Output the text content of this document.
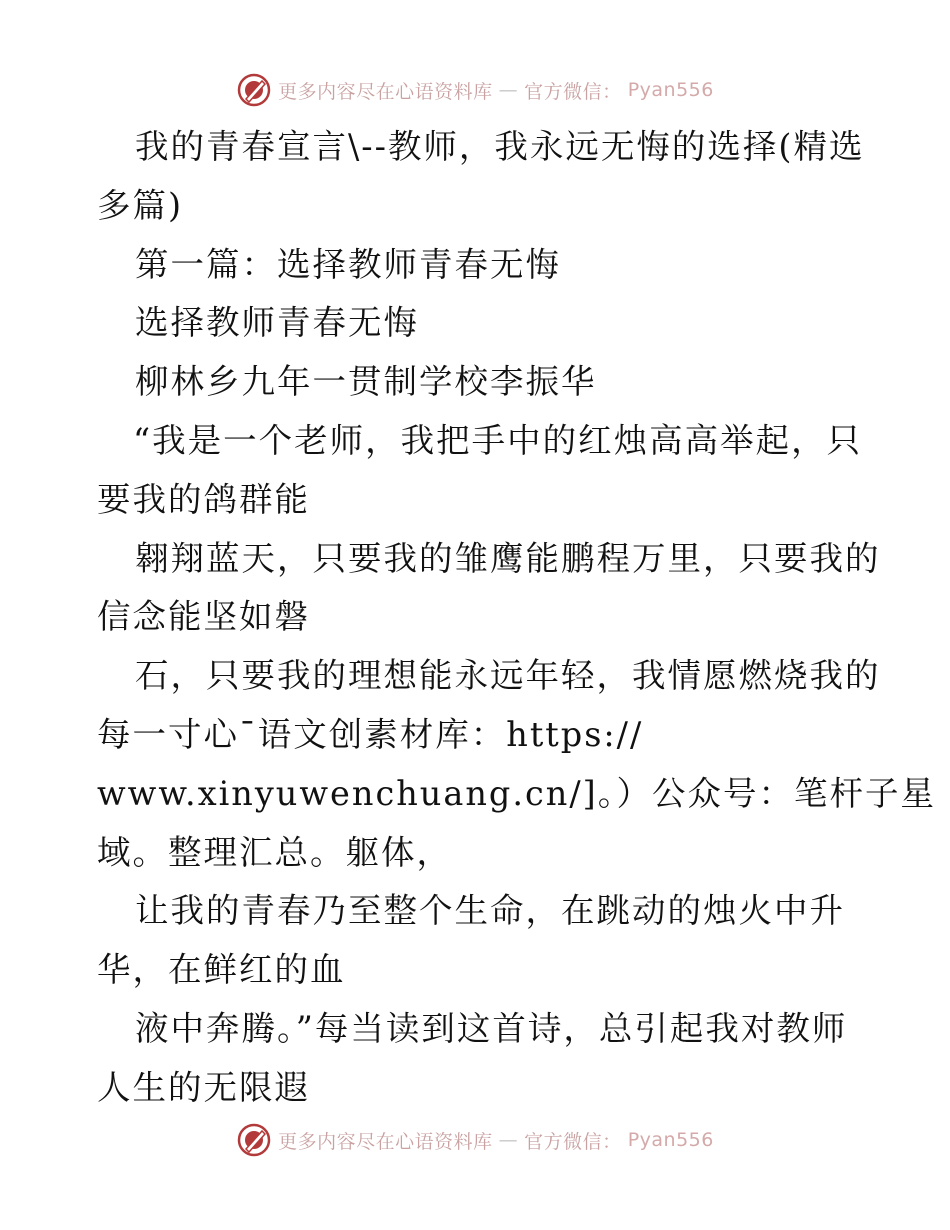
更多内容尽在心语资料库 — 官方微信： Pyan556
我的青春宣言\--教师，我永远无悔的选择(精选
多篇)
第一篇：选择教师青春无悔
选择教师青春无悔
柳林乡九年一贯制学校李振华
“我是一个老师，我把手中的红烛高高举起，只
要我的鸽群能
翱翔蓝天，只要我的雏鹰能鹏程万里，只要我的
信念能坚如磐
石，只要我的理想能永远年轻，我情愿燃烧我的
每一寸心¯语文创素材库：https://
www.xinyuwenchuang.cn/]。）公众号：笔杆子星
域。整理汇总。躯体，
让我的青春乃至整个生命，在跳动的烛火中升
华，在鲜红的血
液中奔腾。”每当读到这首诗，总引起我对教师
人生的无限遐
更多内容尽在心语资料库 — 官方微信： Pyan556
